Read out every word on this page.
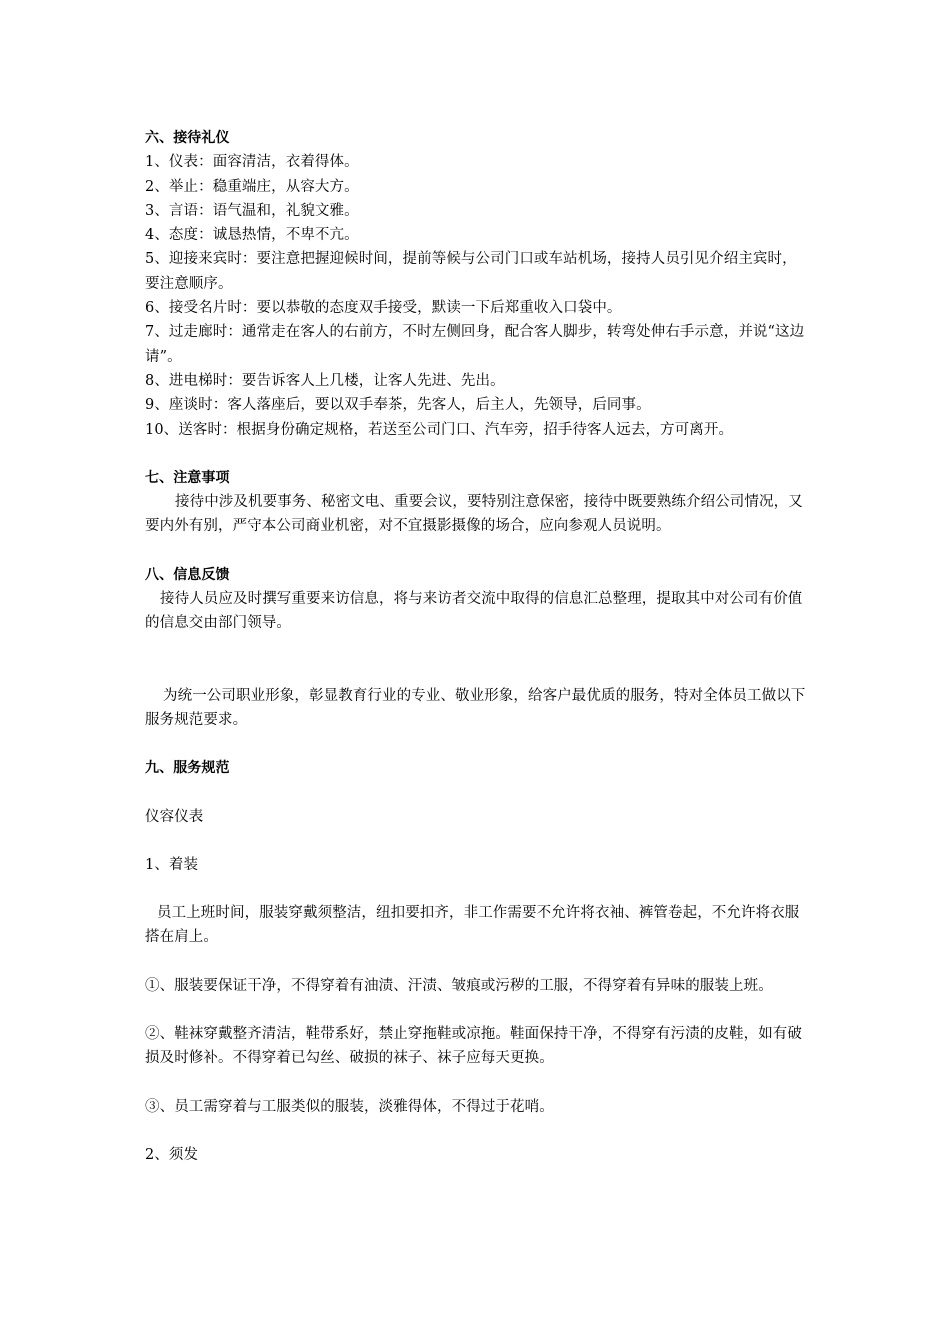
六、接待礼仪

1、仪表：面容清洁，衣着得体。

2、举止：稳重端庄，从容大方。

3、言语：语气温和，礼貌文雅。

4、态度：诚恳热情，不卑不亢。

5、迎接来宾时：要注意把握迎候时间，提前等候与公司门口或车站机场，接持人员引见介绍主宾时，要注意顺序。

6、接受名片时：要以恭敬的态度双手接受，默读一下后郑重收入口袋中。

7、过走廊时：通常走在客人的右前方，不时左侧回身，配合客人脚步，转弯处伸右手示意，并说“这边请”。

8、进电梯时：要告诉客人上几楼，让客人先进、先出。

9、座谈时：客人落座后，要以双手奉茶，先客人，后主人，先领导，后同事。

10、送客时：根据身份确定规格，若送至公司门口、汽车旁，招手待客人远去，方可离开。

七、注意事项

接待中涉及机要事务、秘密文电、重要会议，要特别注意保密，接待中既要熟练介绍公司情况，又要内外有别，严守本公司商业机密，对不宜摄影摄像的场合，应向参观人员说明。

八、信息反馈

接待人员应及时撰写重要来访信息，将与来访者交流中取得的信息汇总整理，提取其中对公司有价值的信息交由部门领导。

为统一公司职业形象，彰显教育行业的专业、敬业形象，给客户最优质的服务，特对全体员工做以下服务规范要求。

九、服务规范

仪容仪表

1、着装

员工上班时间，服装穿戴须整洁，纽扣要扣齐，非工作需要不允许将衣袖、裤管卷起，不允许将衣服搭在肩上。

①、服装要保证干净，不得穿着有油渍、汗渍、皱痕或污秽的工服，不得穿着有异味的服装上班。

②、鞋袜穿戴整齐清洁，鞋带系好，禁止穿拖鞋或凉拖。鞋面保持干净，不得穿有污渍的皮鞋，如有破损及时修补。不得穿着已勾丝、破损的袜子、袜子应每天更换。

③、员工需穿着与工服类似的服装，淡雅得体，不得过于花哨。

2、须发
